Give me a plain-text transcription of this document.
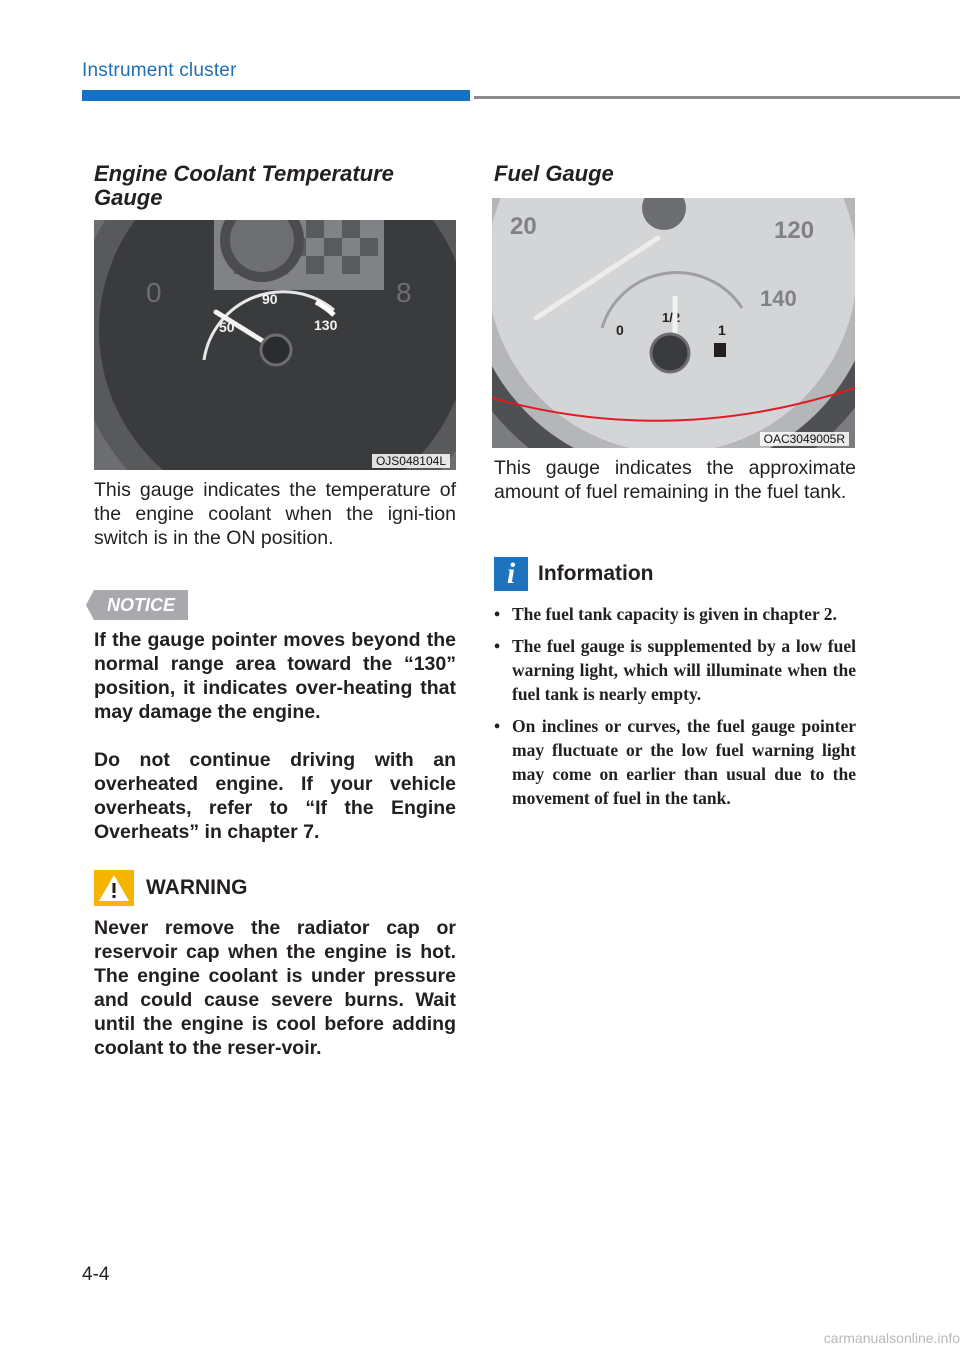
Instrument cluster
Engine Coolant Temperature Gauge
50
90
130
0	8
OJS048104L
This gauge indicates the temperature of the engine coolant when the igni-tion switch is in the ON position.
NOTICE
If the gauge pointer moves beyond the normal range area toward the “130” position, it indicates over-heating that may damage the engine.
Do not continue driving with an overheated engine. If your vehicle overheats, refer to “If the Engine Overheats” in chapter 7.
WARNING
Never remove the radiator cap or reservoir cap when the engine is hot. The engine coolant is under pressure and could cause severe burns. Wait until the engine is cool before adding coolant to the reser-voir.
Fuel Gauge
20	120
140
0
1/2
1
OAC3049005R
This gauge indicates the approximate amount of fuel remaining in the fuel tank.
i	Information
• The fuel tank capacity is given in chapter 2.
• The fuel gauge is supplemented by a low fuel warning light, which will illuminate when the fuel tank is nearly empty.
• On inclines or curves, the fuel gauge pointer may fluctuate or the low fuel warning light may come on earlier than usual due to the movement of fuel in the tank.
4-4
carmanualsonline.info
